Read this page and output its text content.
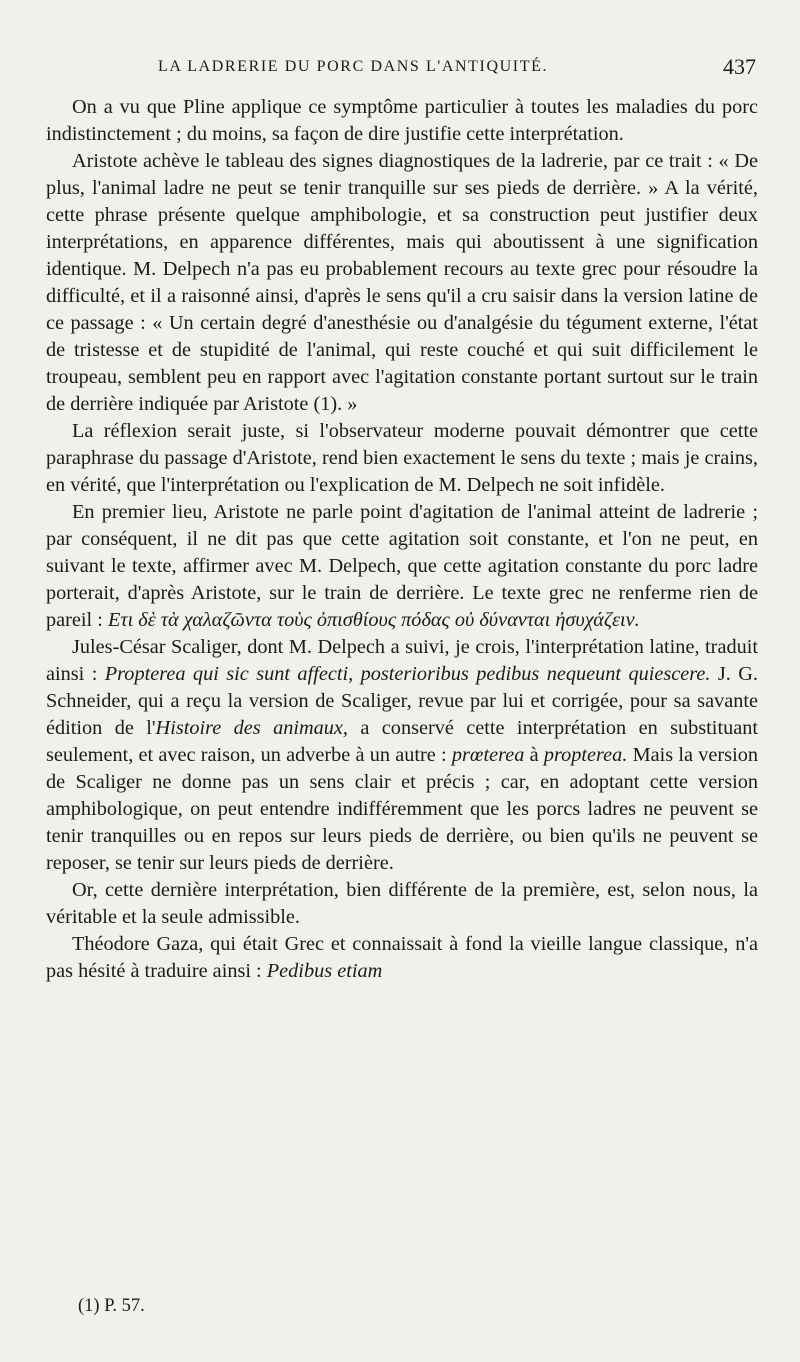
LA LADRERIE DU PORC DANS L'ANTIQUITÉ.	437

On a vu que Pline applique ce symptôme particulier à toutes les maladies du porc indistinctement ; du moins, sa façon de dire justifie cette interprétation.

Aristote achève le tableau des signes diagnostiques de la ladrerie, par ce trait : « De plus, l'animal ladre ne peut se tenir tranquille sur ses pieds de derrière. » A la vérité, cette phrase présente quelque amphibologie, et sa construction peut justifier deux interprétations, en apparence différentes, mais qui aboutissent à une signification identique. M. Delpech n'a pas eu probablement recours au texte grec pour résoudre la difficulté, et il a raisonné ainsi, d'après le sens qu'il a cru saisir dans la version latine de ce passage : « Un certain degré d'anesthésie ou d'analgésie du tégument externe, l'état de tristesse et de stupidité de l'animal, qui reste couché et qui suit difficilement le troupeau, semblent peu en rapport avec l'agitation constante portant surtout sur le train de derrière indiquée par Aristote (1). »

La réflexion serait juste, si l'observateur moderne pouvait démontrer que cette paraphrase du passage d'Aristote, rend bien exactement le sens du texte ; mais je crains, en vérité, que l'interprétation ou l'explication de M. Delpech ne soit infidèle.

En premier lieu, Aristote ne parle point d'agitation de l'animal atteint de ladrerie ; par conséquent, il ne dit pas que cette agitation soit constante, et l'on ne peut, en suivant le texte, affirmer avec M. Delpech, que cette agitation constante du porc ladre porterait, d'après Aristote, sur le train de derrière. Le texte grec ne renferme rien de pareil : Ετι δὲ τὰ χαλαζῶντα τοὺς ὀπισθίους πόδας οὐ δύνανται ἠσυχάζειν.

Jules-César Scaliger, dont M. Delpech a suivi, je crois, l'interprétation latine, traduit ainsi : Propterea qui sic sunt affecti, posterioribus pedibus nequeunt quiescere. J. G. Schneider, qui a reçu la version de Scaliger, revue par lui et corrigée, pour sa savante édition de l'Histoire des animaux, a conservé cette interprétation en substituant seulement, et avec raison, un adverbe à un autre : prœterea à propterea. Mais la version de Scaliger ne donne pas un sens clair et précis ; car, en adoptant cette version amphibologique, on peut entendre indifféremment que les porcs ladres ne peuvent se tenir tranquilles ou en repos sur leurs pieds de derrière, ou bien qu'ils ne peuvent se reposer, se tenir sur leurs pieds de derrière.

Or, cette dernière interprétation, bien différente de la première, est, selon nous, la véritable et la seule admissible.

Théodore Gaza, qui était Grec et connaissait à fond la vieille langue classique, n'a pas hésité à traduire ainsi : Pedibus etiam

(1) P. 57.
